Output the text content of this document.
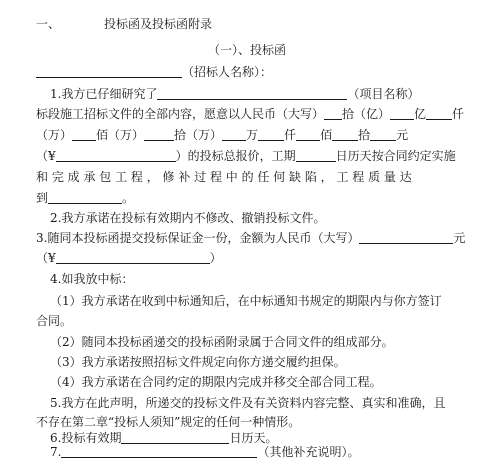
一、	投标函及投标函附录
（一）、投标函
（招标人名称）：
1.我方已仔细研究了	（项目名称）
标段施工招标文件的全部内容，愿意以人民币（大写） 拾（亿） 亿 仟
（万） 佰（万）	拾（万） 万 仟 佰 拾 元
（¥	）的投标总报价，工期	日历天按合同约定实施
和 完 成 承 包 工 程 ， 修 补 过 程 中 的 任 何 缺 陷 ， 工 程 质 量 达
到	。
2.我方承诺在投标有效期内不修改、撤销投标文件。
3.随同本投标函提交投标保证金一份，金额为人民币（大写）	元
（¥	）
4.如我放中标：
（1）我方承诺在收到中标通知后，在中标通知书规定的期限内与你方签订
合同。
（2）随同本投标函递交的投标函附录属于合同文件的组成部分。
（3）我方承诺按照招标文件规定向你方递交履约担保。
（4）我方承诺在合同约定的期限内完成并移交全部合同工程。
5.我方在此声明，所递交的投标文件及有关资料内容完整、真实和准确，且
不存在第二章“投标人须知”规定的任何一种情形。
6.投标有效期	日历天。
7.	（其他补充说明）。
